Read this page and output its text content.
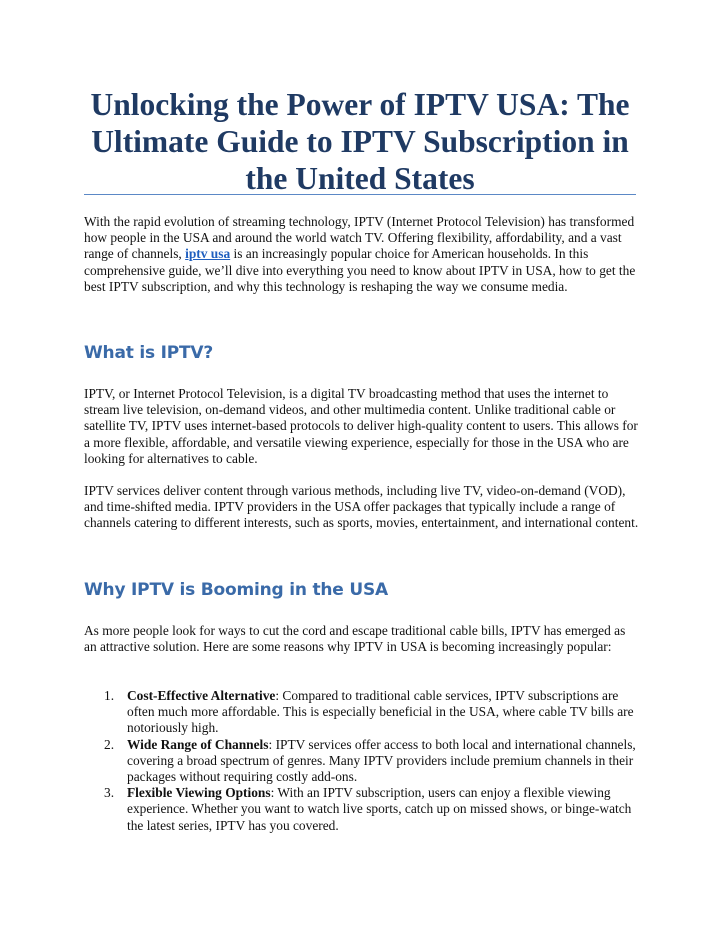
Unlocking the Power of IPTV USA: The Ultimate Guide to IPTV Subscription in the United States

With the rapid evolution of streaming technology, IPTV (Internet Protocol Television) has transformed how people in the USA and around the world watch TV. Offering flexibility, affordability, and a vast range of channels, iptv usa is an increasingly popular choice for American households. In this comprehensive guide, we’ll dive into everything you need to know about IPTV in USA, how to get the best IPTV subscription, and why this technology is reshaping the way we consume media.

What is IPTV?

IPTV, or Internet Protocol Television, is a digital TV broadcasting method that uses the internet to stream live television, on-demand videos, and other multimedia content. Unlike traditional cable or satellite TV, IPTV uses internet-based protocols to deliver high-quality content to users. This allows for a more flexible, affordable, and versatile viewing experience, especially for those in the USA who are looking for alternatives to cable.

IPTV services deliver content through various methods, including live TV, video-on-demand (VOD), and time-shifted media. IPTV providers in the USA offer packages that typically include a range of channels catering to different interests, such as sports, movies, entertainment, and international content.

Why IPTV is Booming in the USA

As more people look for ways to cut the cord and escape traditional cable bills, IPTV has emerged as an attractive solution. Here are some reasons why IPTV in USA is becoming increasingly popular:

1. Cost-Effective Alternative: Compared to traditional cable services, IPTV subscriptions are often much more affordable. This is especially beneficial in the USA, where cable TV bills are notoriously high.
2. Wide Range of Channels: IPTV services offer access to both local and international channels, covering a broad spectrum of genres. Many IPTV providers include premium channels in their packages without requiring costly add-ons.
3. Flexible Viewing Options: With an IPTV subscription, users can enjoy a flexible viewing experience. Whether you want to watch live sports, catch up on missed shows, or binge-watch the latest series, IPTV has you covered.
